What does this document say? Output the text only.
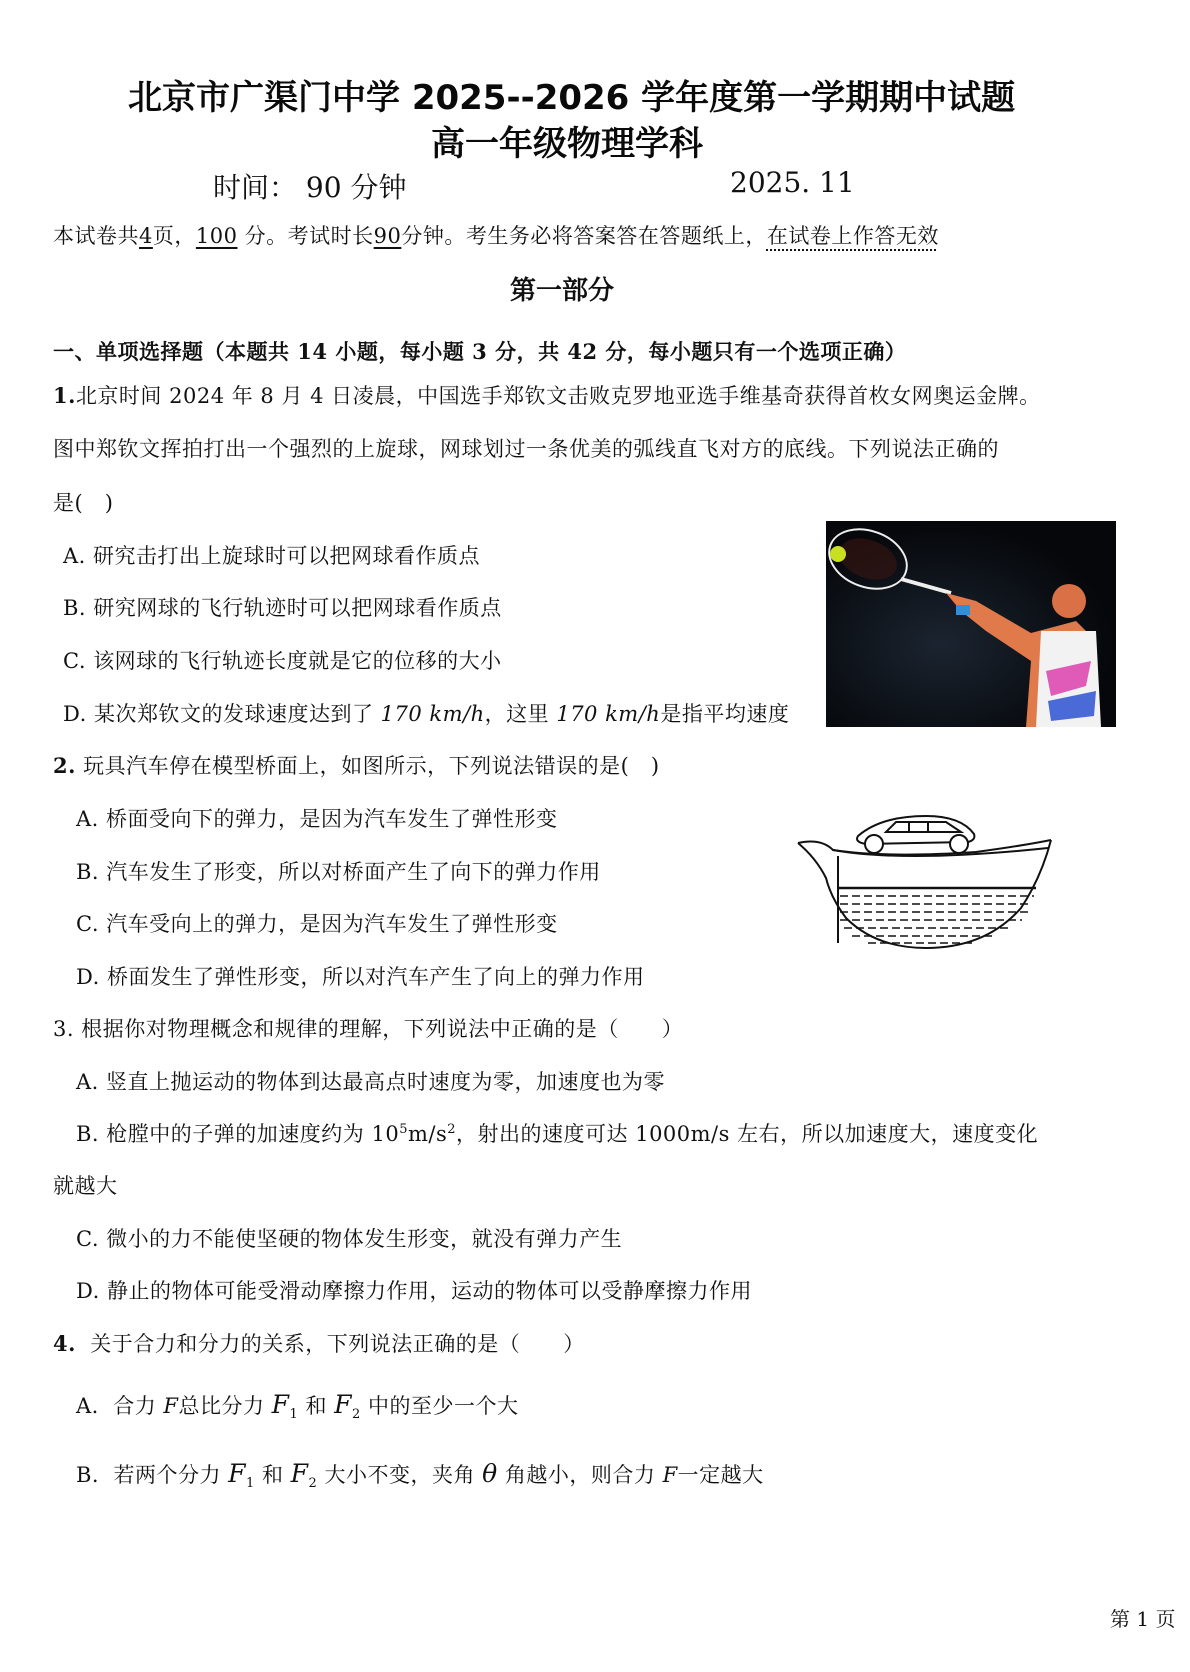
北京市广渠门中学 2025--2026 学年度第一学期期中试题
高一年级物理学科
时间： 90 分钟	2025. 11
本试卷共4页，100 分。考试时长90分钟。考生务必将答案答在答题纸上，在试卷上作答无效
第一部分
一、单项选择题（本题共 14 小题，每小题 3 分，共 42 分，每小题只有一个选项正确）
1.北京时间 2024 年 8 月 4 日凌晨，中国选手郑钦文击败克罗地亚选手维基奇获得首枚女网奥运金牌。
图中郑钦文挥拍打出一个强烈的上旋球，网球划过一条优美的弧线直飞对方的底线。下列说法正确的
是(　)
A. 研究击打出上旋球时可以把网球看作质点
B. 研究网球的飞行轨迹时可以把网球看作质点
C. 该网球的飞行轨迹长度就是它的位移的大小
D. 某次郑钦文的发球速度达到了 170 km/h，这里 170 km/h是指平均速度
2. 玩具汽车停在模型桥面上，如图所示，下列说法错误的是(　)
A. 桥面受向下的弹力，是因为汽车发生了弹性形变
B. 汽车发生了形变，所以对桥面产生了向下的弹力作用
C. 汽车受向上的弹力，是因为汽车发生了弹性形变
D. 桥面发生了弹性形变，所以对汽车产生了向上的弹力作用
3. 根据你对物理概念和规律的理解，下列说法中正确的是（　　）
A. 竖直上抛运动的物体到达最高点时速度为零，加速度也为零
B. 枪膛中的子弹的加速度约为 $10^5m/s^2$，射出的速度可达 1000m/s 左右，所以加速度大，速度变化
就越大
C. 微小的力不能使坚硬的物体发生形变，就没有弹力产生
D. 静止的物体可能受滑动摩擦力作用，运动的物体可以受静摩擦力作用
4. 关于合力和分力的关系，下列说法正确的是（　　）
A. 合力 F总比分力 $F_1$ 和 $F_2$ 中的至少一个大
B. 若两个分力 $F_1$ 和 $F_2$ 大小不变，夹角 θ 角越小，则合力 F一定越大
第 1 页
